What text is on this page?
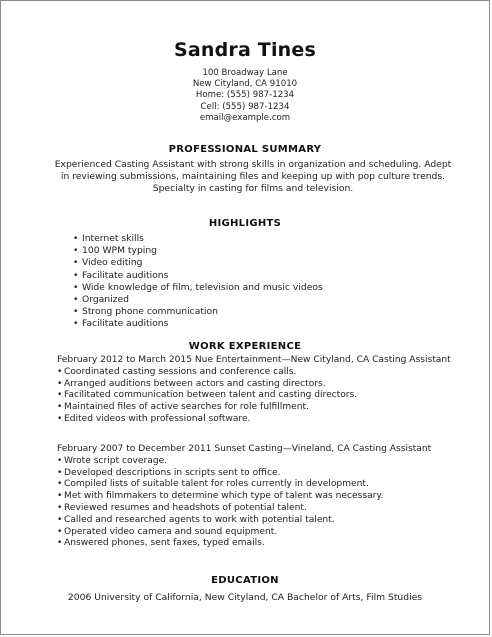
Sandra Tines
100 Broadway Lane
New Cityland, CA 91010
Home: (555) 987-1234
Cell: (555) 987-1234
email@example.com
PROFESSIONAL SUMMARY
Experienced Casting Assistant with strong skills in organization and scheduling. Adept in reviewing submissions, maintaining files and keeping up with pop culture trends. Specialty in casting for films and television.
HIGHLIGHTS
• Internet skills
• 100 WPM typing
• Video editing
• Facilitate auditions
• Wide knowledge of film, television and music videos
• Organized
• Strong phone communication
• Facilitate auditions
WORK EXPERIENCE
February 2012 to March 2015 Nue Entertainment—New Cityland, CA Casting Assistant
• Coordinated casting sessions and conference calls.
• Arranged auditions between actors and casting directors.
• Facilitated communication between talent and casting directors.
• Maintained files of active searches for role fulfillment.
• Edited videos with professional software.
February 2007 to December 2011 Sunset Casting—Vineland, CA Casting Assistant
• Wrote script coverage.
• Developed descriptions in scripts sent to office.
• Compiled lists of suitable talent for roles currently in development.
• Met with filmmakers to determine which type of talent was necessary.
• Reviewed resumes and headshots of potential talent.
• Called and researched agents to work with potential talent.
• Operated video camera and sound equipment.
• Answered phones, sent faxes, typed emails.
EDUCATION
2006 University of California, New Cityland, CA Bachelor of Arts, Film Studies
